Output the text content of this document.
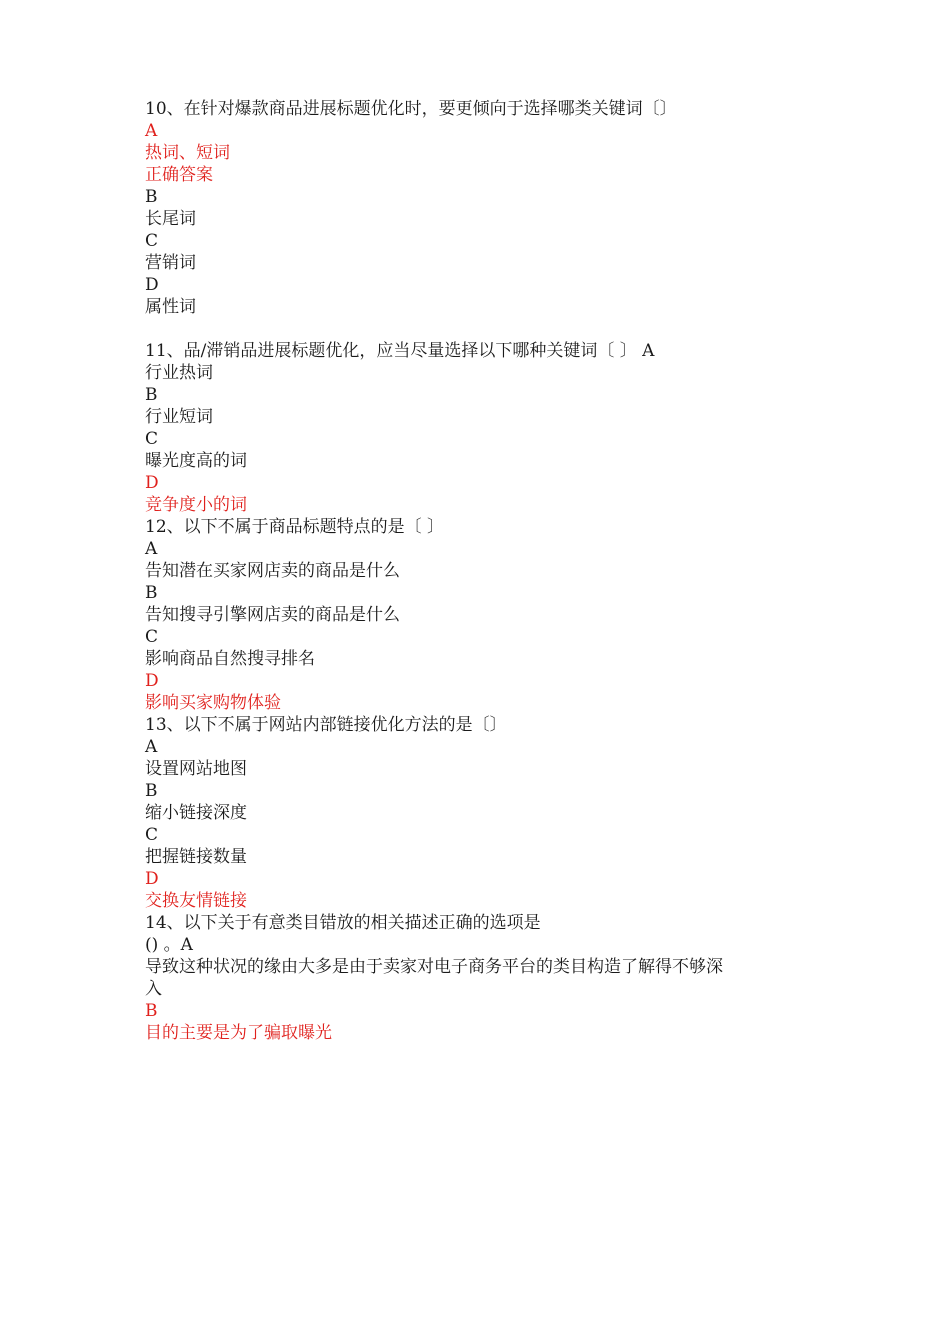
10、在针对爆款商品进展标题优化时，要更倾向于选择哪类关键词〔〕
A
热词、短词
正确答案
B
长尾词
C
营销词
D
属性词
11、品/滞销品进展标题优化，应当尽量选择以下哪种关键词〔 〕 A
行业热词
B
行业短词
C
曝光度高的词
D
竞争度小的词
12、以下不属于商品标题特点的是〔 〕
A
告知潜在买家网店卖的商品是什么
B
告知搜寻引擎网店卖的商品是什么
C
影响商品自然搜寻排名
D
影响买家购物体验
13、以下不属于网站内部链接优化方法的是〔〕
A
设置网站地图
B
缩小链接深度
C
把握链接数量
D
交换友情链接
14、以下关于有意类目错放的相关描述正确的选项是
() 。A
导致这种状况的缘由大多是由于卖家对电子商务平台的类目构造了解得不够深
入
B
目的主要是为了骗取曝光
